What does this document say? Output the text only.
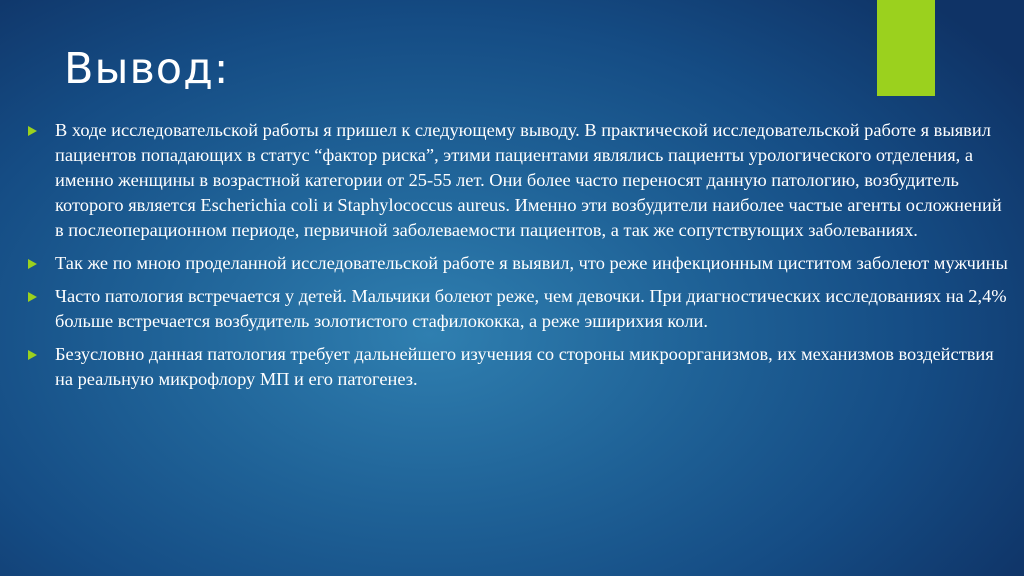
Вывод:
В ходе исследовательской работы я пришел к следующему выводу. В практической исследовательской работе я выявил пациентов попадающих в статус “фактор риска”, этими пациентами являлись пациенты урологического отделения, а именно женщины в возрастной категории от 25-55 лет. Они более часто переносят данную патологию, возбудитель которого является Escherichia coli и Staphylococcus aureus. Именно эти возбудители наиболее частые агенты осложнений в послеоперационном периоде, первичной заболеваемости пациентов, а так же сопутствующих заболеваниях.
Так же по мною проделанной исследовательской работе я выявил, что реже инфекционным циститом заболеют мужчины
Часто патология встречается у детей. Мальчики болеют реже, чем девочки. При диагностических исследованиях на 2,4% больше встречается возбудитель золотистого стафилококка, а реже эширихия коли.
Безусловно данная патология требует дальнейшего изучения со стороны микроорганизмов, их механизмов воздействия на реальную микрофлору МП и его патогенез.
